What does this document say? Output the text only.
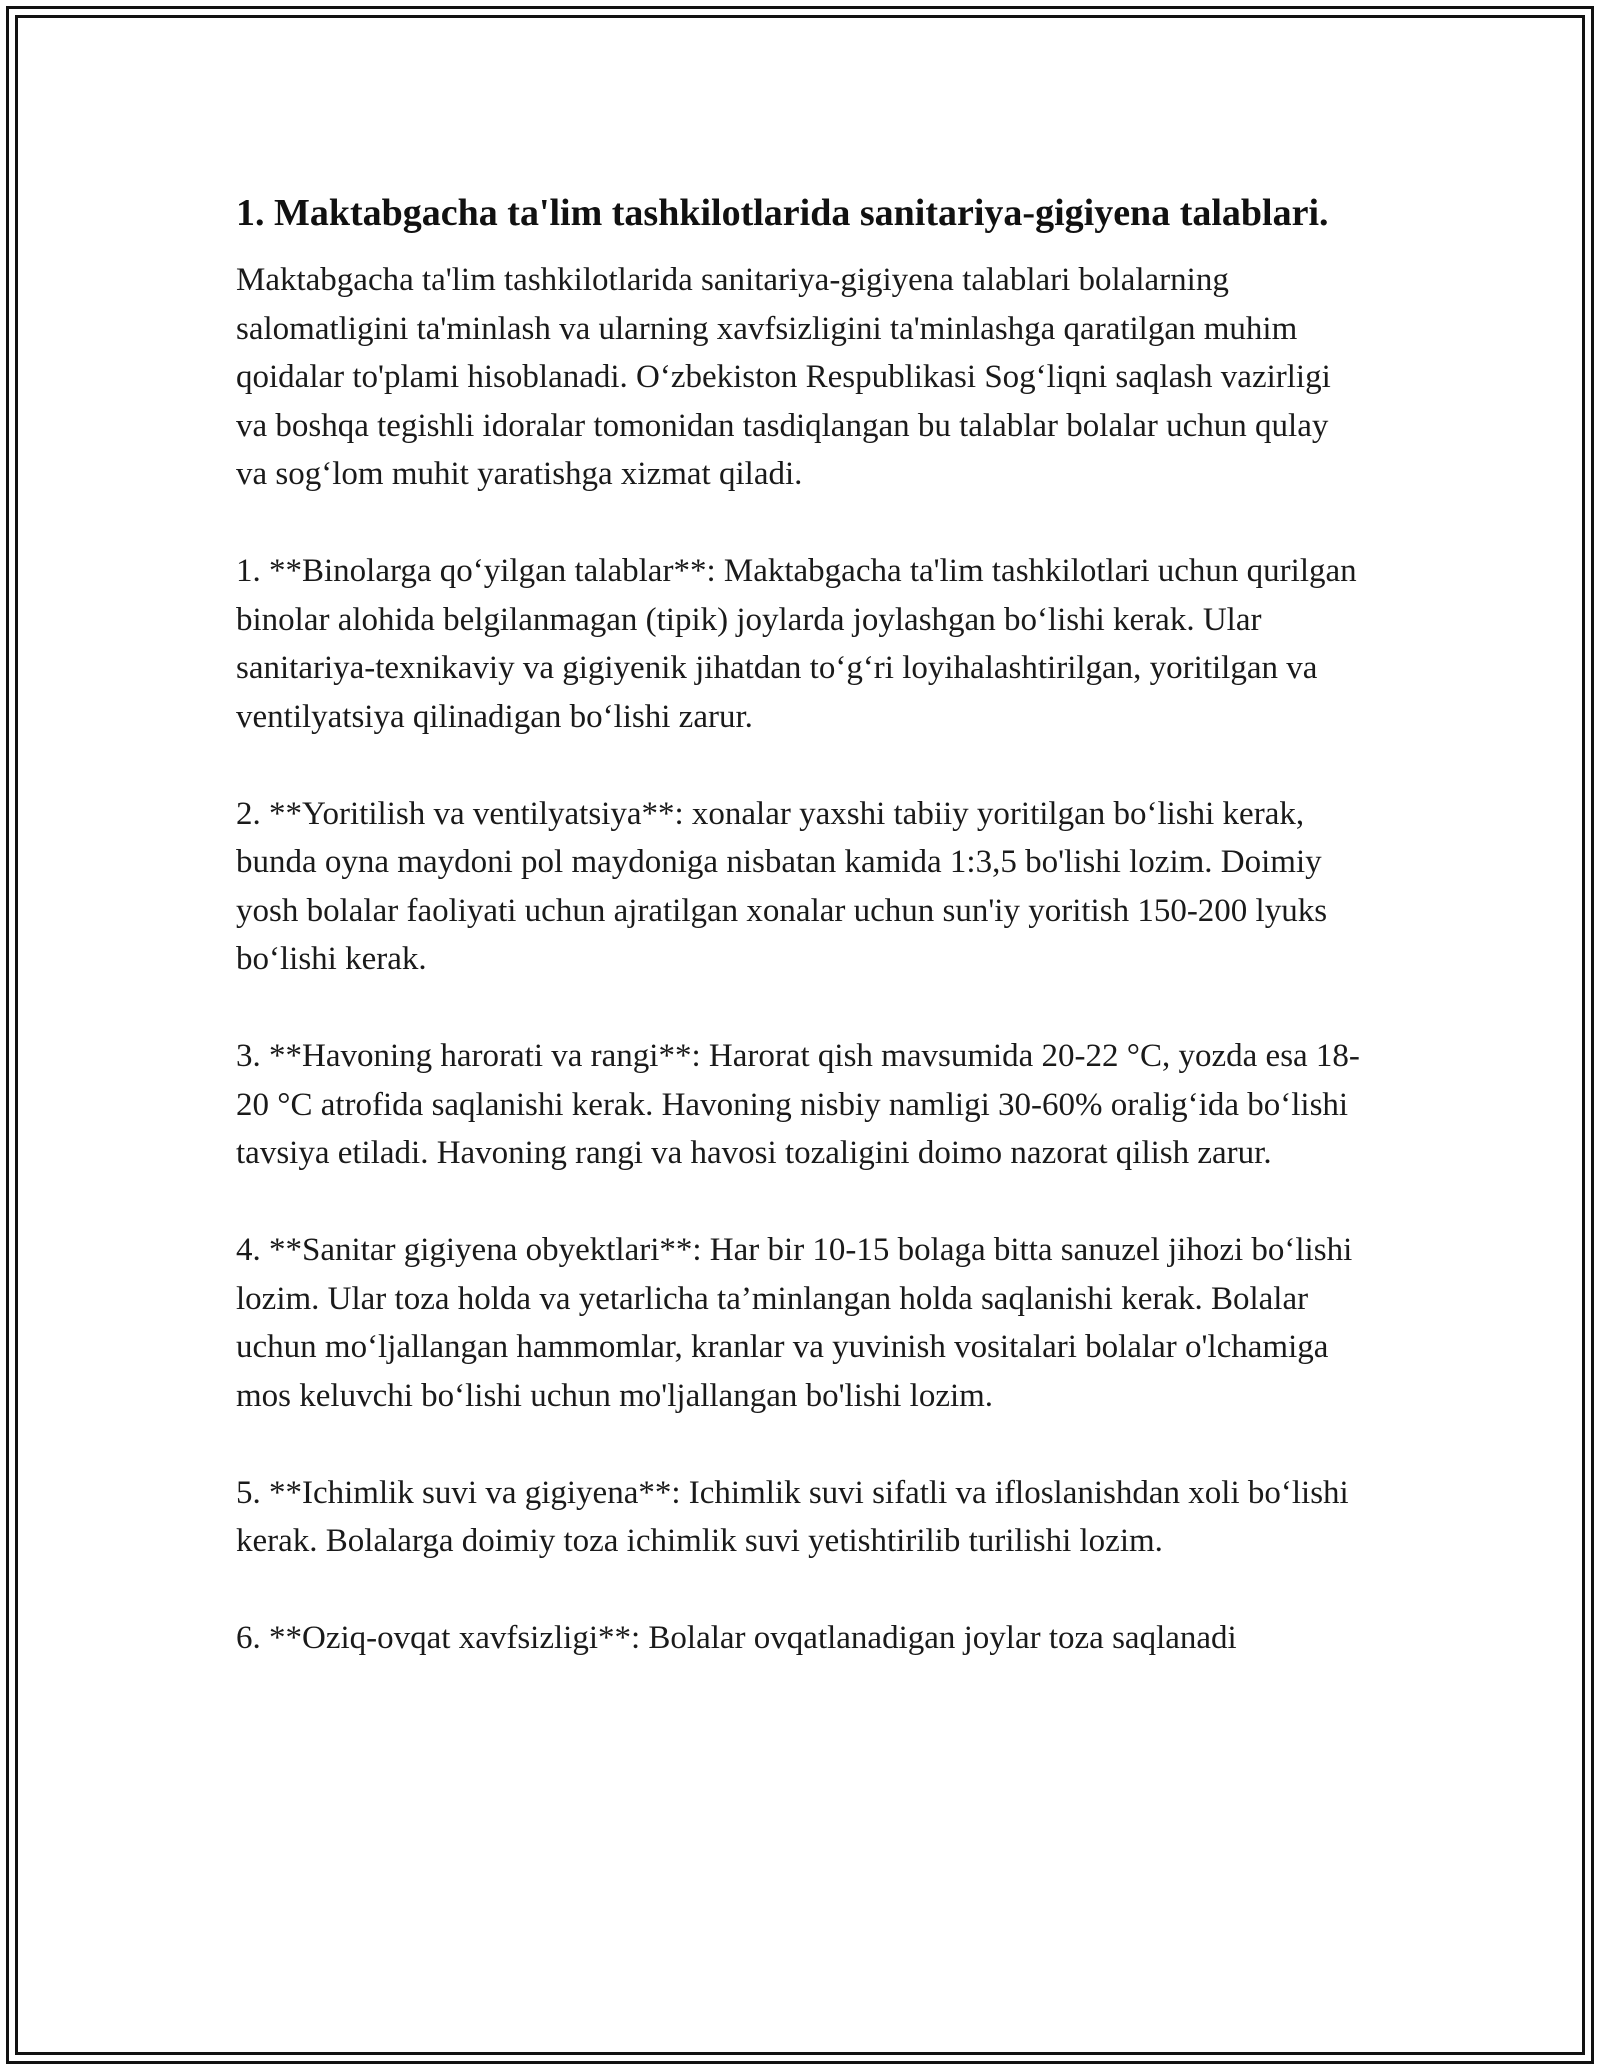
1. Maktabgacha ta'lim tashkilotlarida sanitariya-gigiyena talablari.

Maktabgacha ta'lim tashkilotlarida sanitariya-gigiyena talablari bolalarning salomatligini ta'minlash va ularning xavfsizligini ta'minlashga qaratilgan muhim qoidalar to'plami hisoblanadi. O‘zbekiston Respublikasi Sog‘liqni saqlash vazirligi va boshqa tegishli idoralar tomonidan tasdiqlangan bu talablar bolalar uchun qulay va sog‘lom muhit yaratishga xizmat qiladi.

1. **Binolarga qo‘yilgan talablar**: Maktabgacha ta'lim tashkilotlari uchun qurilgan binolar alohida belgilanmagan (tipik) joylarda joylashgan bo‘lishi kerak. Ular sanitariya-texnikaviy va gigiyenik jihatdan to‘g‘ri loyihalashtirilgan, yoritilgan va ventilyatsiya qilinadigan bo‘lishi zarur.

2. **Yoritilish va ventilyatsiya**: xonalar yaxshi tabiiy yoritilgan bo‘lishi kerak, bunda oyna maydoni pol maydoniga nisbatan kamida 1:3,5 bo'lishi lozim. Doimiy yosh bolalar faoliyati uchun ajratilgan xonalar uchun sun'iy yoritish 150-200 lyuks bo‘lishi kerak.

3. **Havoning harorati va rangi**: Harorat qish mavsumida 20-22 °C, yozda esa 18-20 °C atrofida saqlanishi kerak. Havoning nisbiy namligi 30-60% oralig‘ida bo‘lishi tavsiya etiladi. Havoning rangi va havosi tozaligini doimo nazorat qilish zarur.

4. **Sanitar gigiyena obyektlari**: Har bir 10-15 bolaga bitta sanuzel jihozi bo‘lishi lozim. Ular toza holda va yetarlicha ta’minlangan holda saqlanishi kerak. Bolalar uchun mo‘ljallangan hammomlar, kranlar va yuvinish vositalari bolalar o'lchamiga mos keluvchi bo‘lishi uchun mo'ljallangan bo'lishi lozim.

5. **Ichimlik suvi va gigiyena**: Ichimlik suvi sifatli va ifloslanishdan xoli bo‘lishi kerak. Bolalarga doimiy toza ichimlik suvi yetishtirilib turilishi lozim.

6. **Oziq-ovqat xavfsizligi**: Bolalar ovqatlanadigan joylar toza saqlanadi
